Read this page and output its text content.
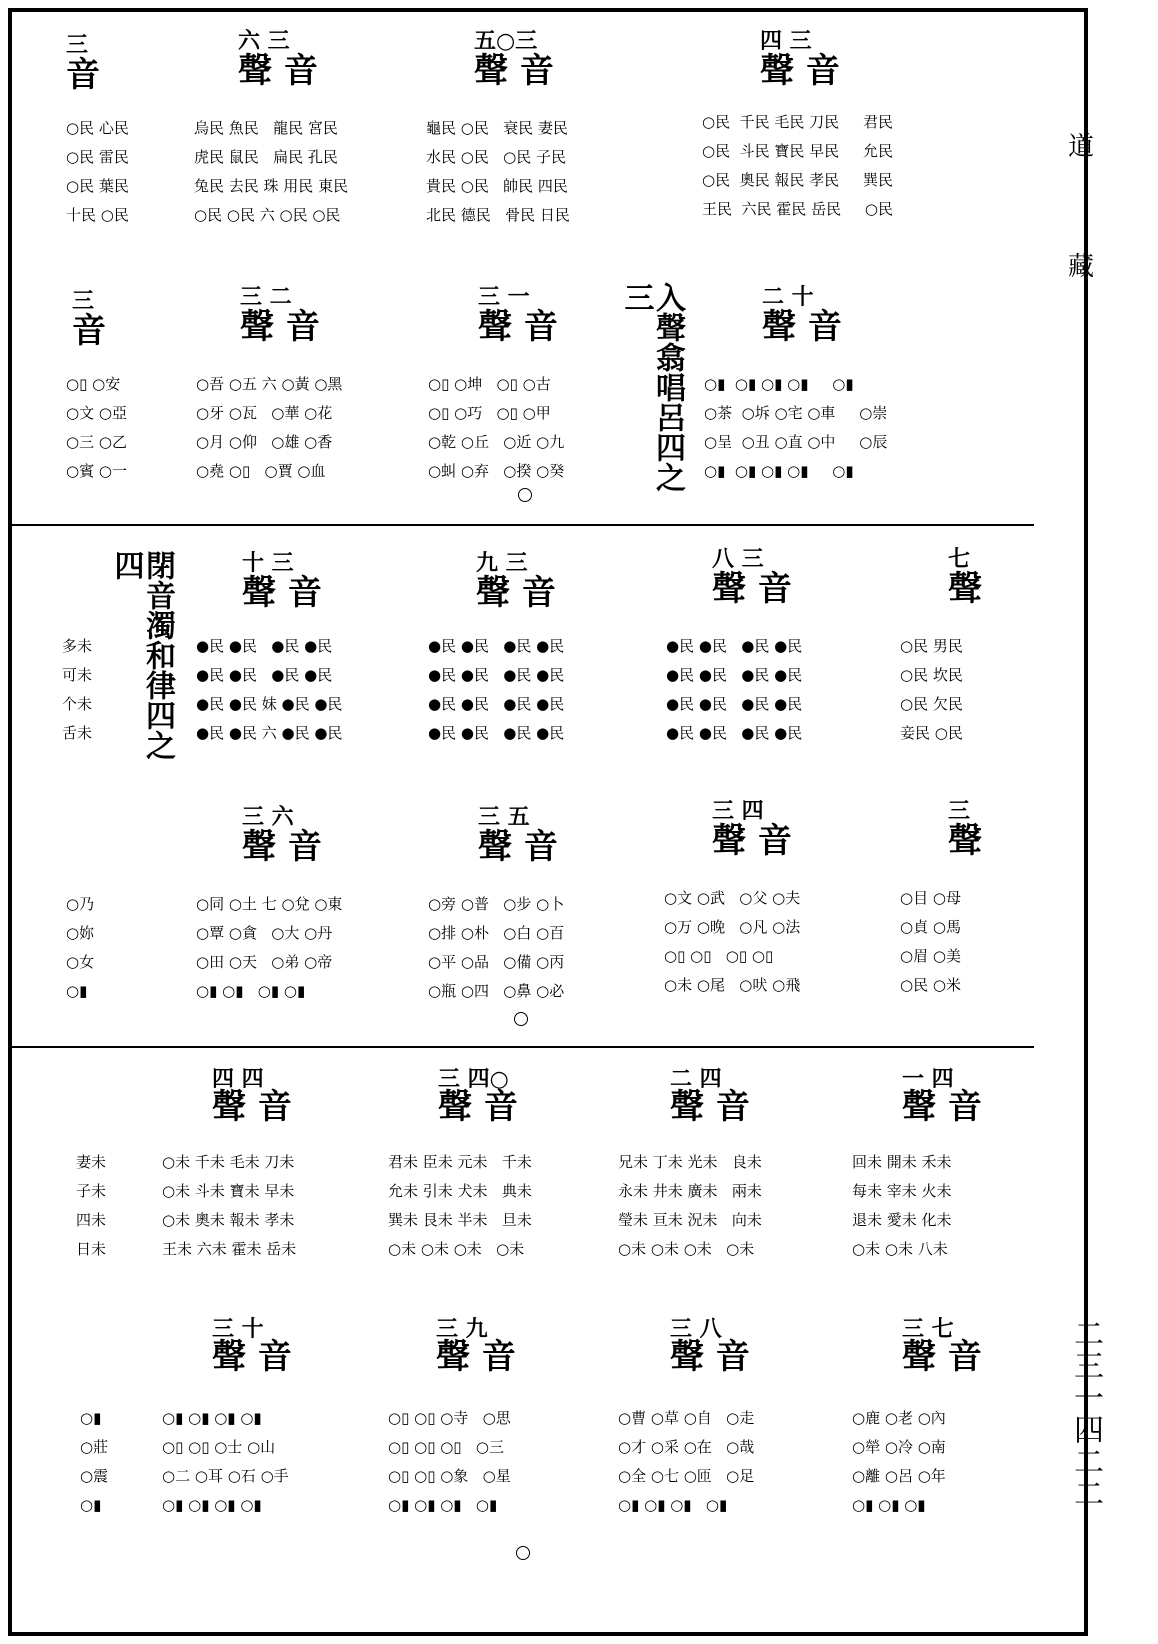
道
藏
二三一四二二
入聲翕唱呂四之三
閉音濁和律四之四
三
音
○民 心民
○民 雷民
○民 葉民
十民 ○民
六 三
聲 音
烏民 魚民   龍民 宮民
虎民 鼠民   扁民 孔民
兔民 去民 珠 用民 東民
○民 ○民 六 ○民 ○民
五○三
聲 音
龜民 ○民   衰民 妻民
水民 ○民   ○民 子民
貴民 ○民   帥民 四民
北民 德民   骨民 日民
四 三
聲 音
○民  千民 毛民 刀民     君民
○民  斗民 寶民 早民     允民
○民  奧民 報民 孝民     巽民
王民  六民 霍民 岳民     ○民
三
音
○▯ ○安
○文 ○亞
○三 ○乙
○賓 ○一
三 二
聲 音
○吾 ○五 六 ○黃 ○黑
○牙 ○瓦   ○華 ○花
○月 ○仰   ○雄 ○香
○堯 ○▯   ○賈 ○血
三 一
聲 音
○▯ ○坤   ○▯ ○古
○▯ ○巧   ○▯ ○甲
○乾 ○丘   ○近 ○九
○虯 ○弃   ○揆 ○癸
二 十
聲 音
○▮  ○▮ ○▮ ○▮     ○▮
○茶  ○坼 ○宅 ○車     ○崇
○呈  ○丑 ○直 ○中     ○辰
○▮  ○▮ ○▮ ○▮     ○▮
多未
可未
个未
舌未
十 三
聲 音
●民 ●民   ●民 ●民
●民 ●民   ●民 ●民
●民 ●民 妹 ●民 ●民
●民 ●民 六 ●民 ●民
九 三
聲 音
●民 ●民   ●民 ●民
●民 ●民   ●民 ●民
●民 ●民   ●民 ●民
●民 ●民   ●民 ●民
八 三
聲 音
●民 ●民   ●民 ●民
●民 ●民   ●民 ●民
●民 ●民   ●民 ●民
●民 ●民   ●民 ●民
七
聲
○民 男民
○民 坎民
○民 欠民
妾民 ○民
○乃
○妳
○女
○▮
三 六
聲 音
○同 ○土 七 ○兌 ○東
○覃 ○貪   ○大 ○丹
○田 ○天   ○弟 ○帝
○▮ ○▮   ○▮ ○▮
三 五
聲 音
○旁 ○普   ○步 ○卜
○排 ○朴   ○白 ○百
○平 ○品   ○備 ○丙
○瓶 ○四   ○鼻 ○必
三 四
聲 音
○文 ○武   ○父 ○夫
○万 ○晚   ○凡 ○法
○▯ ○▯   ○▯ ○▯
○未 ○尾   ○吠 ○飛
三
聲
○目 ○母
○貞 ○馬
○眉 ○美
○民 ○米
妻未
子未
四未
日未
四 四
聲 音
○未 千未 毛未 刀未
○未 斗未 寶未 早未
○未 奧未 報未 孝未
王未 六未 霍未 岳未
三 四○
聲 音
君未 臣未 元未   千未
允未 引未 犬未   典未
巽未 艮未 半未   旦未
○未 ○未 ○未   ○未
二 四
聲 音
兄未 丁未 光未   良未
永未 井未 廣未   兩未
瑩未 亘未 況未   向未
○未 ○未 ○未   ○未
一 四
聲 音
回未 開未 禾未
每未 宰未 火未
退未 愛未 化未
○未 ○未 八未
○▮
○莊
○震
○▮
三 十
聲 音
○▮ ○▮ ○▮ ○▮
○▯ ○▯ ○士 ○山
○二 ○耳 ○石 ○手
○▮ ○▮ ○▮ ○▮
三 九
聲 音
○▯ ○▯ ○寺   ○思
○▯ ○▯ ○▯   ○三
○▯ ○▯ ○象   ○星
○▮ ○▮ ○▮   ○▮
三 八
聲 音
○曹 ○草 ○自   ○走
○才 ○采 ○在   ○哉
○全 ○七 ○匝   ○足
○▮ ○▮ ○▮   ○▮
三 七
聲 音
○鹿 ○老 ○內
○犖 ○冷 ○南
○離 ○呂 ○年
○▮ ○▮ ○▮
